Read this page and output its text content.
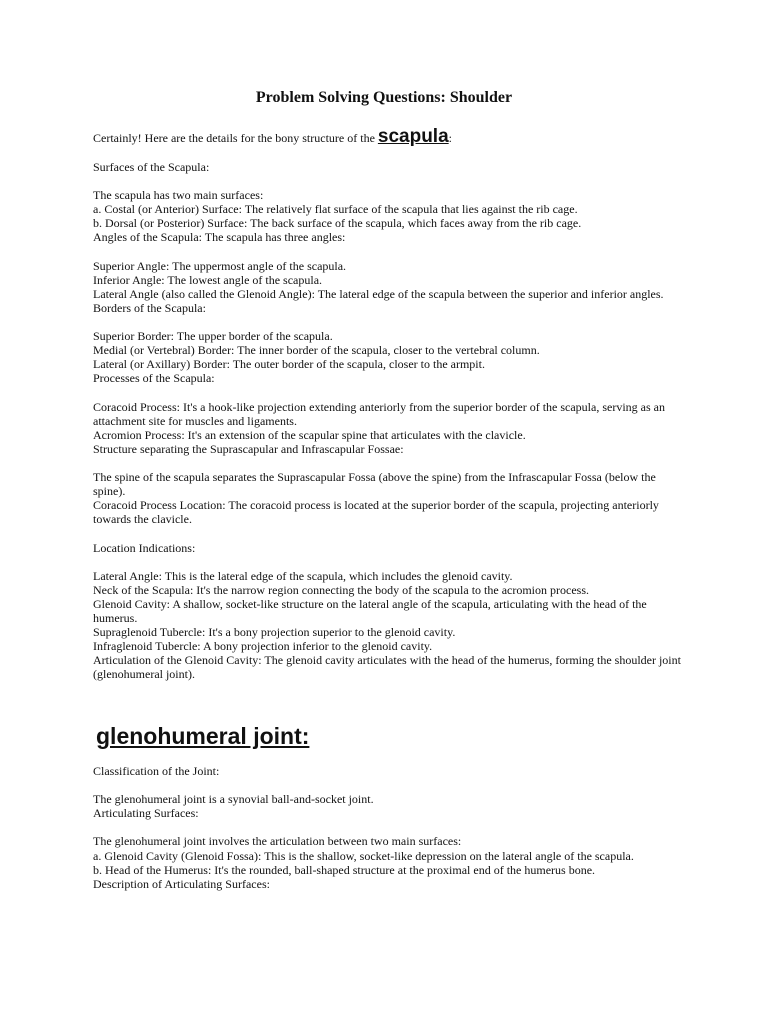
Problem Solving Questions: Shoulder
Certainly! Here are the details for the bony structure of the scapula:

Surfaces of the Scapula:

The scapula has two main surfaces:

a. Costal (or Anterior) Surface: The relatively flat surface of the scapula that lies against the rib cage.

b. Dorsal (or Posterior) Surface: The back surface of the scapula, which faces away from the rib cage.

Angles of the Scapula: The scapula has three angles:

Superior Angle: The uppermost angle of the scapula.

Inferior Angle: The lowest angle of the scapula.

Lateral Angle (also called the Glenoid Angle): The lateral edge of the scapula between the superior and inferior angles.

Borders of the Scapula:

Superior Border: The upper border of the scapula.

Medial (or Vertebral) Border: The inner border of the scapula, closer to the vertebral column.

Lateral (or Axillary) Border: The outer border of the scapula, closer to the armpit.

Processes of the Scapula:

Coracoid Process: It's a hook-like projection extending anteriorly from the superior border of the scapula, serving as an attachment site for muscles and ligaments.

Acromion Process: It's an extension of the scapular spine that articulates with the clavicle.

Structure separating the Suprascapular and Infrascapular Fossae:

The spine of the scapula separates the Suprascapular Fossa (above the spine) from the Infrascapular Fossa (below the spine).

Coracoid Process Location: The coracoid process is located at the superior border of the scapula, projecting anteriorly towards the clavicle.

Location Indications:

Lateral Angle: This is the lateral edge of the scapula, which includes the glenoid cavity.

Neck of the Scapula: It's the narrow region connecting the body of the scapula to the acromion process.

Glenoid Cavity: A shallow, socket-like structure on the lateral angle of the scapula, articulating with the head of the humerus.

Supraglenoid Tubercle: It's a bony projection superior to the glenoid cavity.

Infraglenoid Tubercle: A bony projection inferior to the glenoid cavity.

Articulation of the Glenoid Cavity: The glenoid cavity articulates with the head of the humerus, forming the shoulder joint (glenohumeral joint).

glenohumeral joint:

Classification of the Joint:

The glenohumeral joint is a synovial ball-and-socket joint.

Articulating Surfaces:

The glenohumeral joint involves the articulation between two main surfaces:

a. Glenoid Cavity (Glenoid Fossa): This is the shallow, socket-like depression on the lateral angle of the scapula.

b. Head of the Humerus: It's the rounded, ball-shaped structure at the proximal end of the humerus bone.

Description of Articulating Surfaces:
